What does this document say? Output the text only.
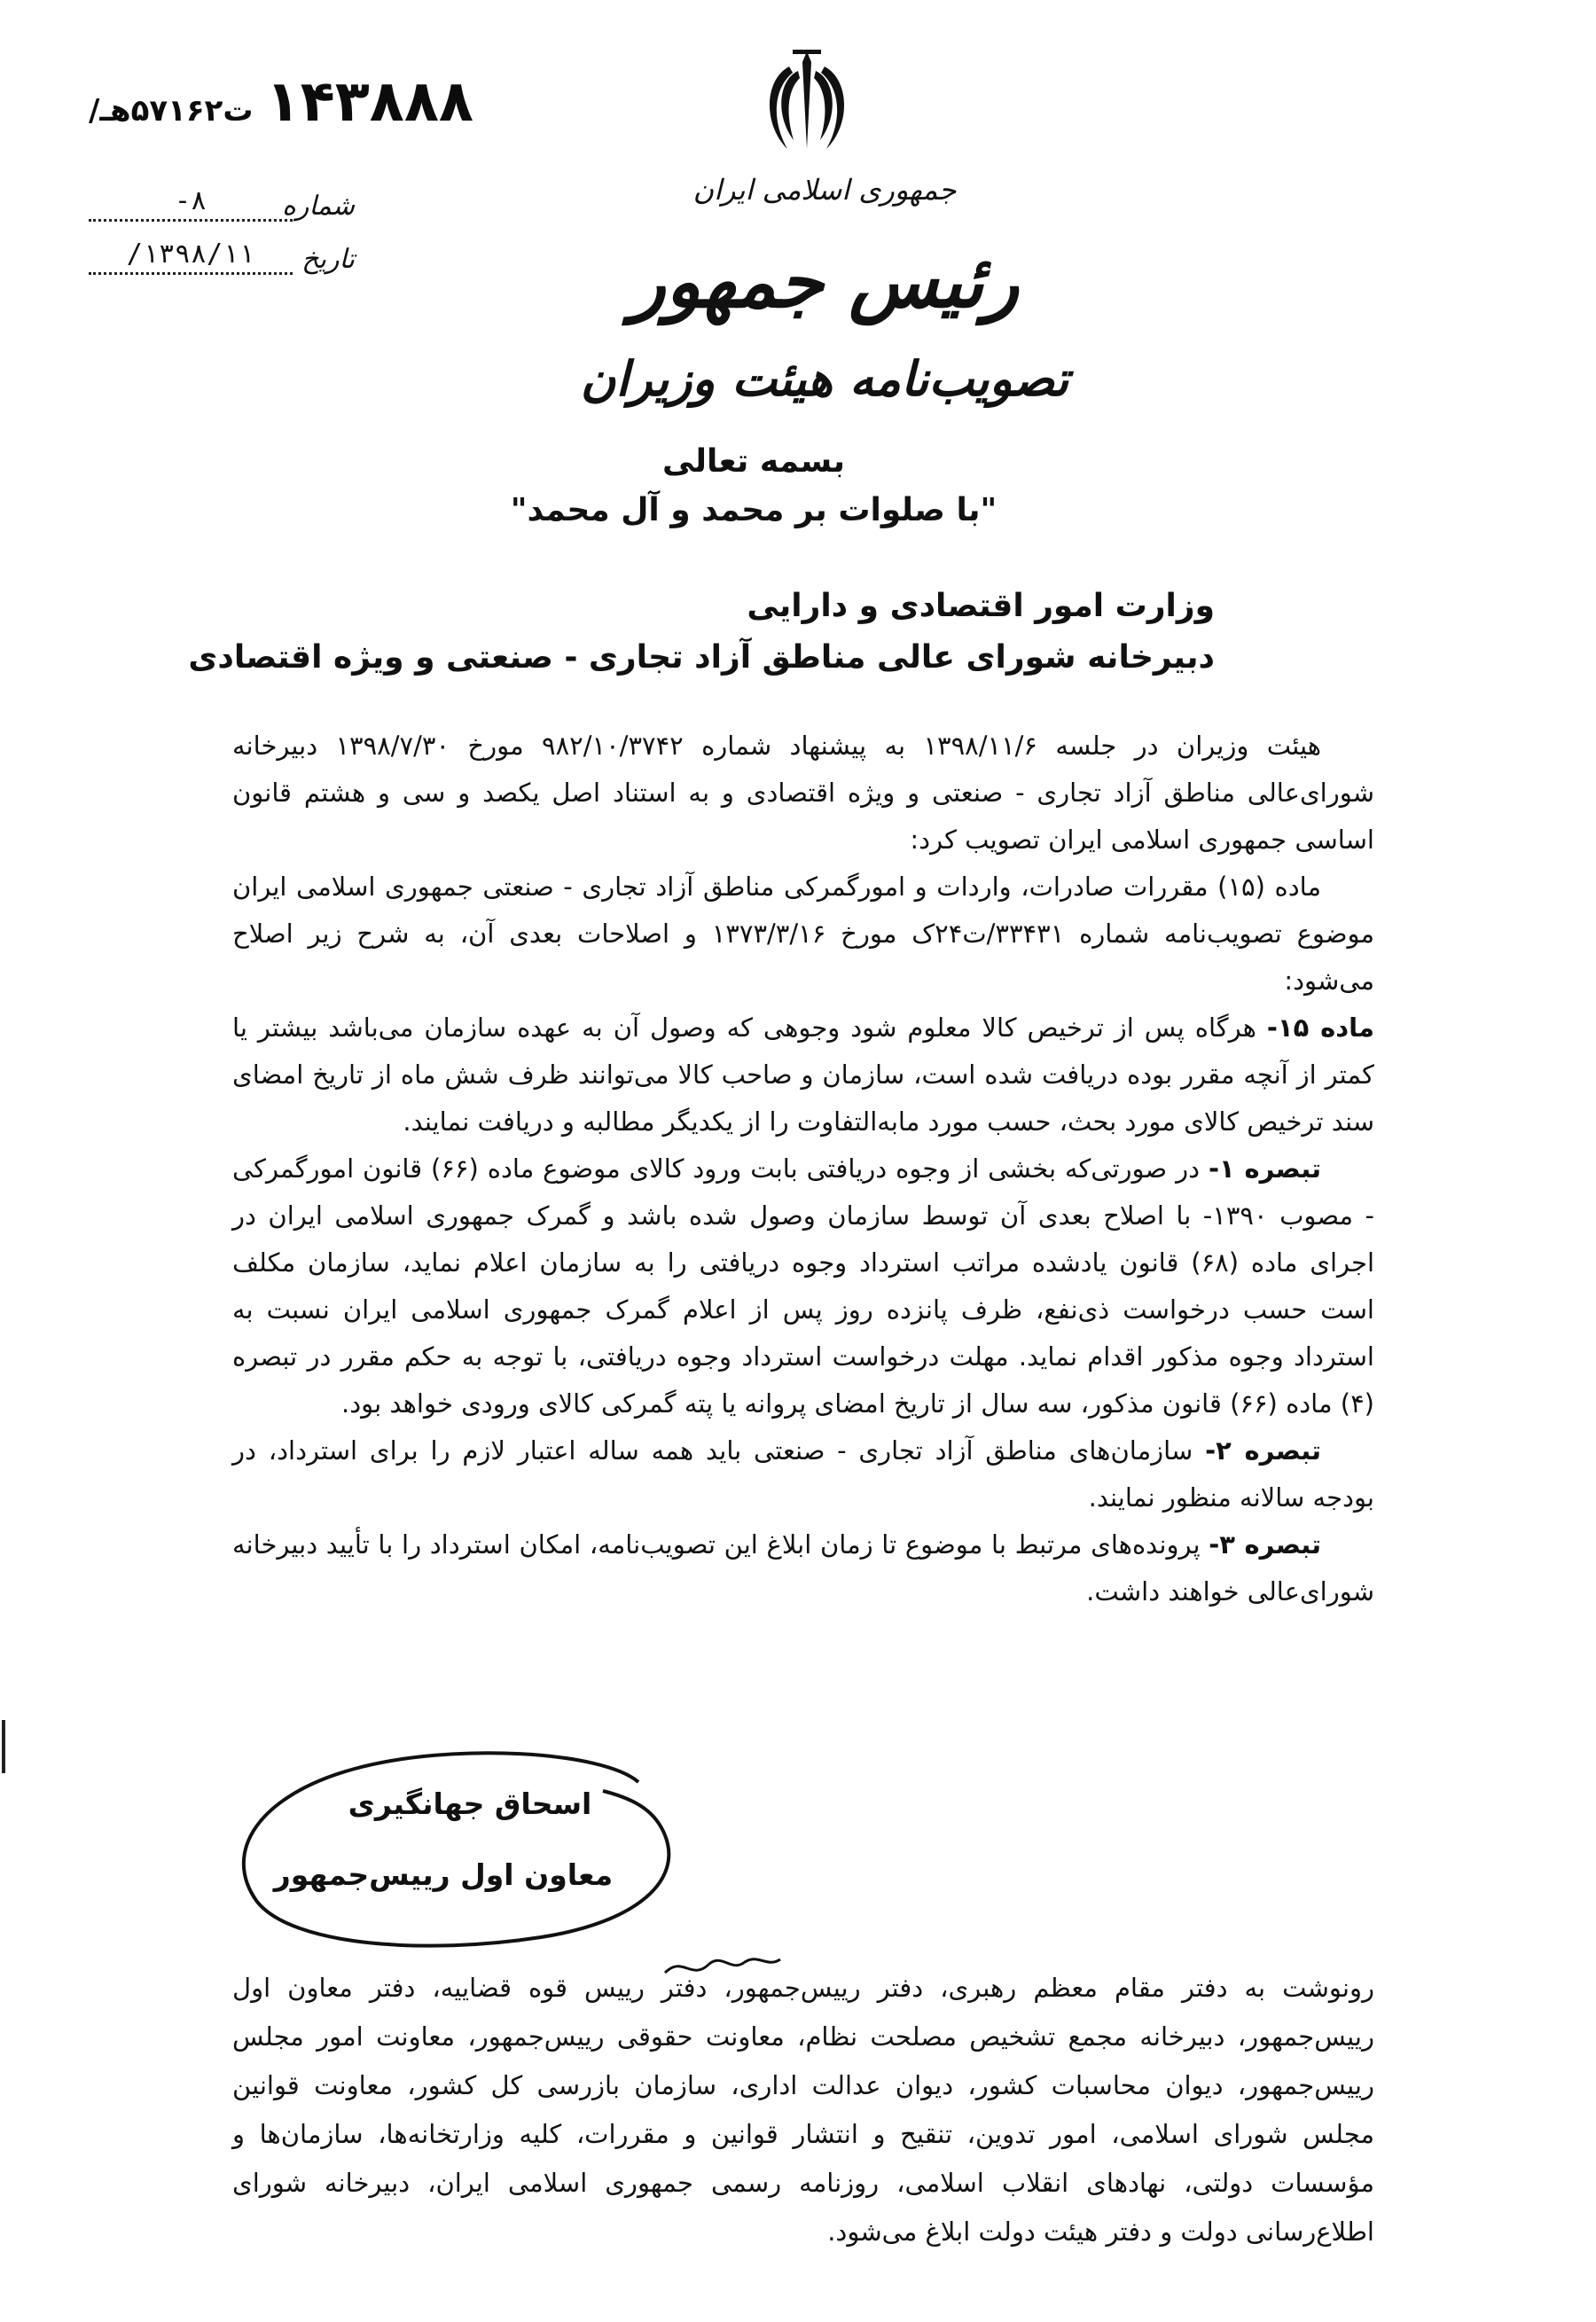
۱۴۳۸۸۸
ت۵۷۱۶۲هـ/
شماره
۸-
تاریخ
۱۳۹۸/۱۱/
جمهوری اسلامی ایران
رئیس جمهور
تصویب‌نامه هیئت وزیران
بسمه تعالی
"با صلوات بر محمد و آل محمد"
وزارت امور اقتصادی و دارایی
دبیرخانه شورای عالی مناطق آزاد تجاری - صنعتی و ویژه اقتصادی

هیئت وزیران در جلسه ۱۳۹۸/۱۱/۶ به پیشنهاد شماره ۹۸۲/۱۰/۳۷۴۲ مورخ ۱۳۹۸/۷/۳۰ دبیرخانه شورای‌عالی مناطق آزاد تجاری - صنعتی و ویژه اقتصادی و به استناد اصل یکصد و سی و هشتم قانون اساسی جمهوری اسلامی ایران تصویب کرد:

ماده (۱۵) مقررات صادرات، واردات و امورگمرکی مناطق آزاد تجاری - صنعتی جمهوری اسلامی ایران موضوع تصویب‌نامه شماره ۳۳۴۳۱/ت۲۴ک مورخ ۱۳۷۳/۳/۱۶ و اصلاحات بعدی آن، به شرح زیر اصلاح می‌شود:

ماده ۱۵- هرگاه پس از ترخیص کالا معلوم شود وجوهی که وصول آن به عهده سازمان می‌باشد بیشتر یا کمتر از آنچه مقرر بوده دریافت شده است، سازمان و صاحب کالا می‌توانند ظرف شش ماه از تاریخ امضای سند ترخیص کالای مورد بحث، حسب مورد مابه‌التفاوت را از یکدیگر مطالبه و دریافت نمایند.

تبصره ۱- در صورتی‌که بخشی از وجوه دریافتی بابت ورود کالای موضوع ماده (۶۶) قانون امورگمرکی - مصوب ۱۳۹۰- با اصلاح بعدی آن توسط سازمان وصول شده باشد و گمرک جمهوری اسلامی ایران در اجرای ماده (۶۸) قانون یادشده مراتب استرداد وجوه دریافتی را به سازمان اعلام نماید، سازمان مکلف است حسب درخواست ذی‌نفع، ظرف پانزده روز پس از اعلام گمرک جمهوری اسلامی ایران نسبت به استرداد وجوه مذکور اقدام نماید. مهلت درخواست استرداد وجوه دریافتی، با توجه به حکم مقرر در تبصره (۴) ماده (۶۶) قانون مذکور، سه سال از تاریخ امضای پروانه یا پته گمرکی کالای ورودی خواهد بود.

تبصره ۲- سازمان‌های مناطق آزاد تجاری - صنعتی باید همه ساله اعتبار لازم را برای استرداد، در بودجه سالانه منظور نمایند.

تبصره ۳- پرونده‌های مرتبط با موضوع تا زمان ابلاغ این تصویب‌نامه، امکان استرداد را با تأیید دبیرخانه شورای‌عالی خواهند داشت.

اسحاق جهانگیری
معاون اول رییس‌جمهور

رونوشت به دفتر مقام معظم رهبری، دفتر رییس‌جمهور، دفتر رییس قوه قضاییه، دفتر معاون اول رییس‌جمهور، دبیرخانه مجمع تشخیص مصلحت نظام، معاونت حقوقی رییس‌جمهور، معاونت امور مجلس رییس‌جمهور، دیوان محاسبات کشور، دیوان عدالت اداری، سازمان بازرسی کل کشور، معاونت قوانین مجلس شورای اسلامی، امور تدوین، تنقیح و انتشار قوانین و مقررات، کلیه وزارتخانه‌ها، سازمان‌ها و مؤسسات دولتی، نهادهای انقلاب اسلامی، روزنامه رسمی جمهوری اسلامی ایران، دبیرخانه شورای اطلاع‌رسانی دولت و دفتر هیئت دولت ابلاغ می‌شود.
